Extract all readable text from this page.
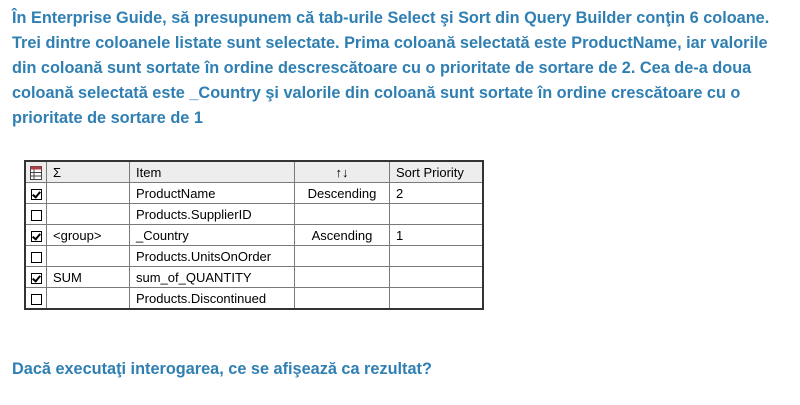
În Enterprise Guide, să presupunem că tab-urile Select şi Sort din Query Builder conţin 6 coloane. Trei dintre coloanele listate sunt selectate. Prima coloană selectată este ProductName, iar valorile din coloană sunt sortate în ordine descrescătoare cu o prioritate de sortare de 2. Cea de-a doua coloană selectată este _Country şi valorile din coloană sunt sortate în ordine crescătoare cu o prioritate de sortare de 1

	Σ	Item	↑↓	Sort Priority
		ProductName	Descending	2
		Products.SupplierID		
	<group>	_Country	Ascending	1
		Products.UnitsOnOrder		
	SUM	sum_of_QUANTITY		
		Products.Discontinued		

Dacă executaţi interogarea, ce se afişează ca rezultat?
